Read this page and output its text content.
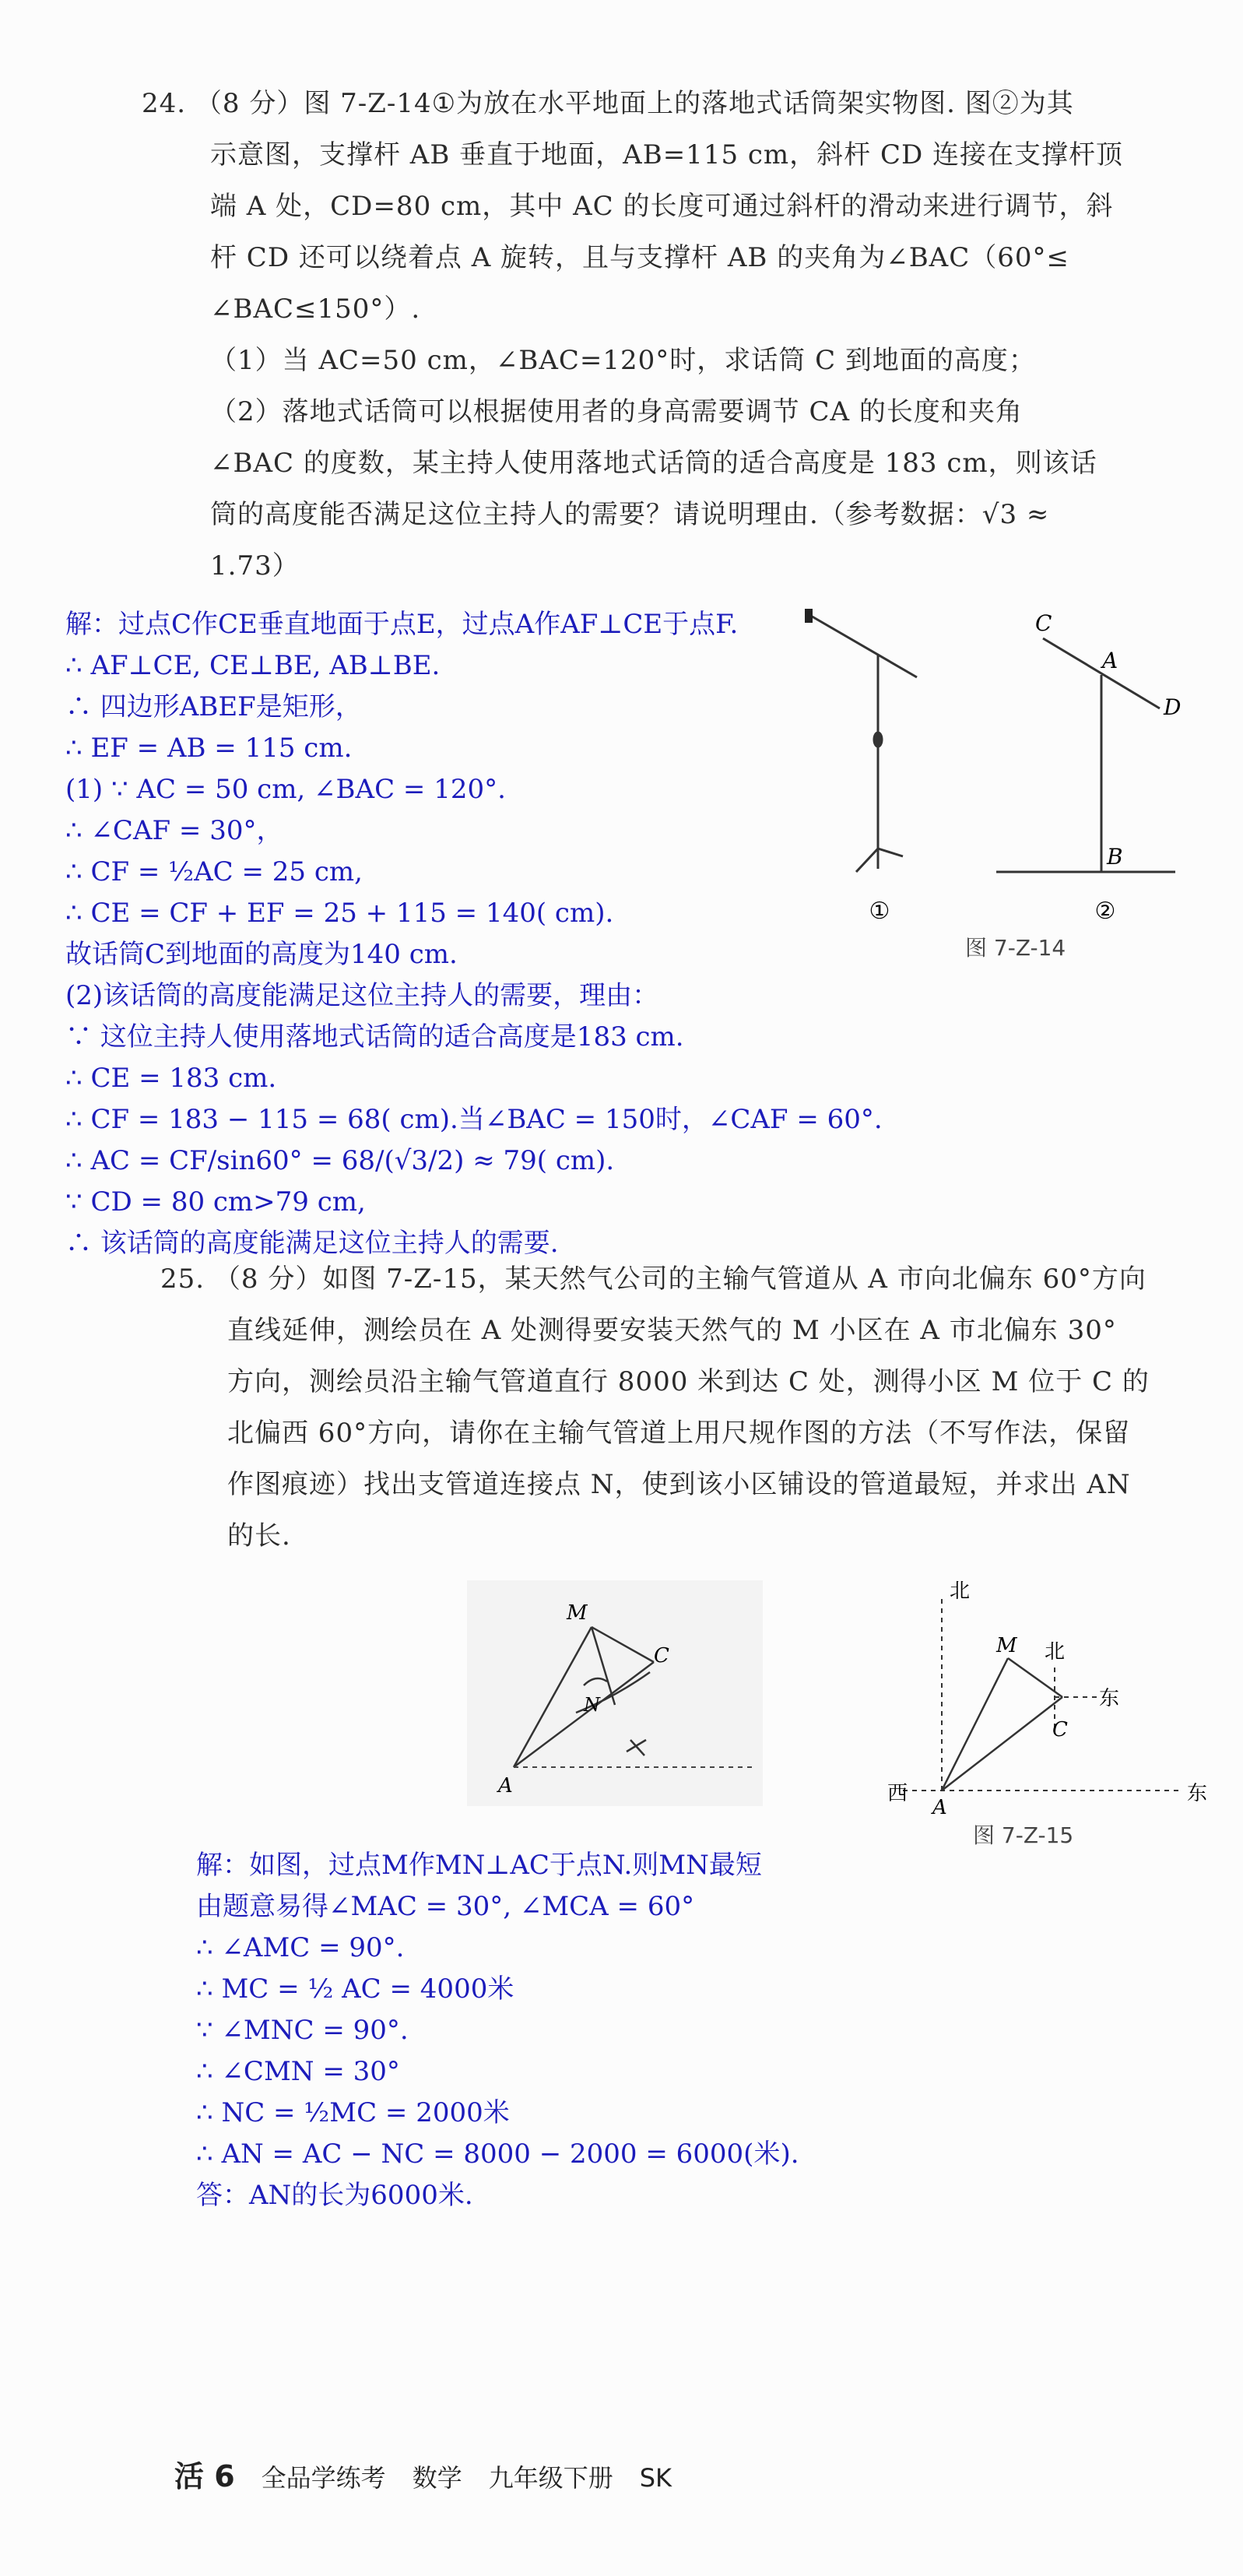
24. （8 分）图 7-Z-14①为放在水平地面上的落地式话筒架实物图. 图②为其
示意图，支撑杆 AB 垂直于地面，AB=115 cm，斜杆 CD 连接在支撑杆顶
端 A 处，CD=80 cm，其中 AC 的长度可通过斜杆的滑动来进行调节，斜
杆 CD 还可以绕着点 A 旋转，且与支撑杆 AB 的夹角为∠BAC（60°≤
∠BAC≤150°）.
（1）当 AC=50 cm，∠BAC=120°时，求话筒 C 到地面的高度；
（2）落地式话筒可以根据使用者的身高需要调节 CA 的长度和夹角
∠BAC 的度数，某主持人使用落地式话筒的适合高度是 183 cm，则该话
筒的高度能否满足这位主持人的需要？请说明理由.（参考数据：√3 ≈
1.73）
解：过点C作CE垂直地面于点E，过点A作AF⊥CE于点F.
∴ AF⊥CE, CE⊥BE, AB⊥BE.
∴ 四边形ABEF是矩形，
∴ EF = AB = 115 cm.
(1) ∵ AC = 50 cm, ∠BAC = 120°.
∴ ∠CAF = 30°，
∴ CF = ½AC = 25 cm,
∴ CE = CF + EF = 25 + 115 = 140( cm).
故话筒C到地面的高度为140 cm.
(2)该话筒的高度能满足这位主持人的需要，理由：
∵ 这位主持人使用落地式话筒的适合高度是183 cm.
∴ CE = 183 cm.
∴ CF = 183 − 115 = 68( cm).当∠BAC = 150时，∠CAF = 60°.
∴ AC = CF/sin60° = 68/(√3/2) ≈ 79( cm).
∵ CD = 80 cm>79 cm,
∴ 该话筒的高度能满足这位主持人的需要.
①
C
A
D
B
②
图 7-Z-14
25. （8 分）如图 7-Z-15，某天然气公司的主输气管道从 A 市向北偏东 60°方向
直线延伸，测绘员在 A 处测得要安装天然气的 M 小区在 A 市北偏东 30°
方向，测绘员沿主输气管道直行 8000 米到达 C 处，测得小区 M 位于 C 的
北偏西 60°方向，请你在主输气管道上用尺规作图的方法（不写作法，保留
作图痕迹）找出支管道连接点 N，使到该小区铺设的管道最短，并求出 AN
的长.
M
N
C
A
北
北
东
东
西
M
C
A
图 7-Z-15
解：如图，过点M作MN⊥AC于点N.则MN最短
由题意易得∠MAC = 30°, ∠MCA = 60°
∴ ∠AMC = 90°.
∴ MC = ½ AC = 4000米
∵ ∠MNC = 90°.
∴ ∠CMN = 30°
∴ NC = ½MC = 2000米
∴ AN = AC − NC = 8000 − 2000 = 6000(米).
答：AN的长为6000米.
活 6 全品学练考 数学 九年级下册 SK
